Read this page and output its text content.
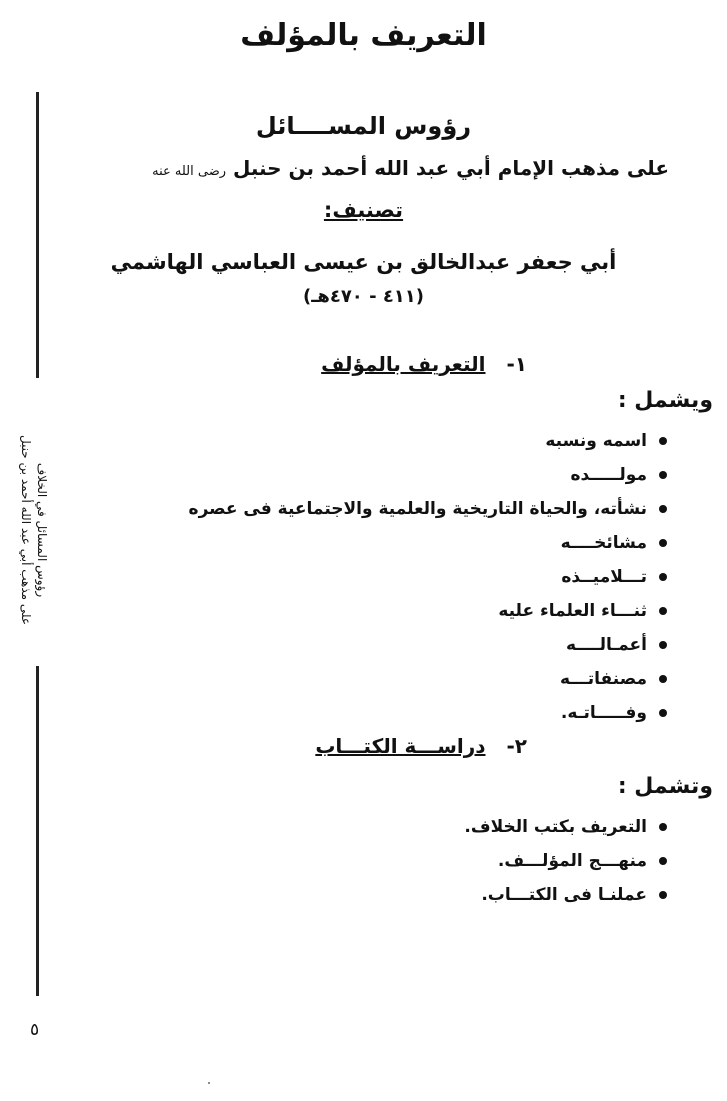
التعريف بالمؤلف
رؤوس المسائل في الخلاف
على مذهب أبي عبد الله أحمد بن حنبل
رؤوس المســــائل
على مذهب الإمام أبي عبد الله أحمد بن حنبل رضى الله عنه
تصنيف:
أبي جعفر عبدالخالق بن عيسى العباسي الهاشمي
(٤١١ - ٤٧٠هـ)
١- التعريف بالمؤلف
ويشمل :
اسمه ونسبه
مولـــــده
نشأته، والحياة التاريخية والعلمية والاجتماعية فى عصره
مشائخــــه
تـــلاميــذه
ثنـــاء العلماء عليه
أعمـالــــه
مصنفاتـــه
وفـــــاتـه.
٢- دراســـة الكتـــاب
وتشمل :
التعريف بكتب الخلاف.
منهـــج المؤلـــف.
عملنـا فى الكتـــاب.
٥
